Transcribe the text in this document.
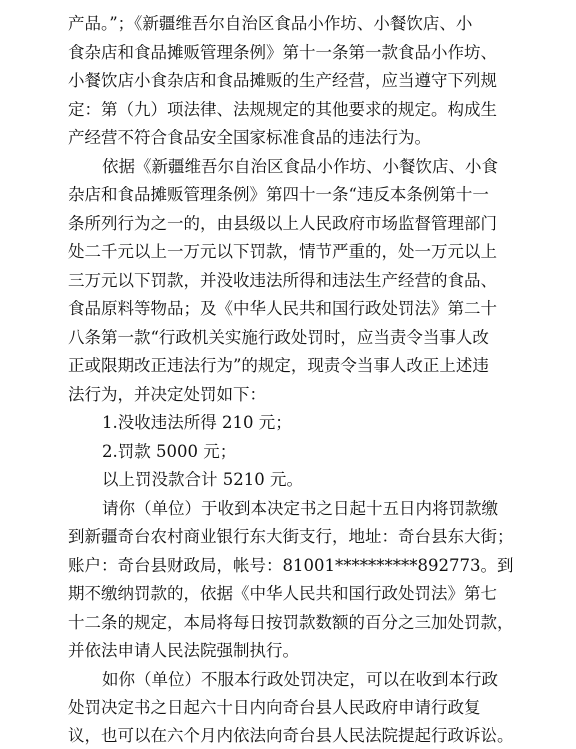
产品。”；《新疆维吾尔自治区食品小作坊、小餐饮店、小
食杂店和食品摊贩管理条例》第十一条第一款食品小作坊、
小餐饮店小食杂店和食品摊贩的生产经营，应当遵守下列规
定：第（九）项法律、法规规定的其他要求的规定。构成生
产经营不符合食品安全国家标准食品的违法行为。
依据《新疆维吾尔自治区食品小作坊、小餐饮店、小食
杂店和食品摊贩管理条例》第四十一条“违反本条例第十一
条所列行为之一的，由县级以上人民政府市场监督管理部门
处二千元以上一万元以下罚款，情节严重的，处一万元以上
三万元以下罚款，并没收违法所得和违法生产经营的食品、
食品原料等物品；及《中华人民共和国行政处罚法》第二十
八条第一款“行政机关实施行政处罚时，应当责令当事人改
正或限期改正违法行为”的规定，现责令当事人改正上述违
法行为，并决定处罚如下：
1.没收违法所得 210 元；
2.罚款 5000 元；
以上罚没款合计 5210 元。
请你（单位）于收到本决定书之日起十五日内将罚款缴
到新疆奇台农村商业银行东大街支行，地址：奇台县东大街；
账户：奇台县财政局，帐号：81001**********892773。到
期不缴纳罚款的，依据《中华人民共和国行政处罚法》第七
十二条的规定，本局将每日按罚款数额的百分之三加处罚款，
并依法申请人民法院强制执行。
如你（单位）不服本行政处罚决定，可以在收到本行政
处罚决定书之日起六十日内向奇台县人民政府申请行政复
议，也可以在六个月内依法向奇台县人民法院提起行政诉讼。
